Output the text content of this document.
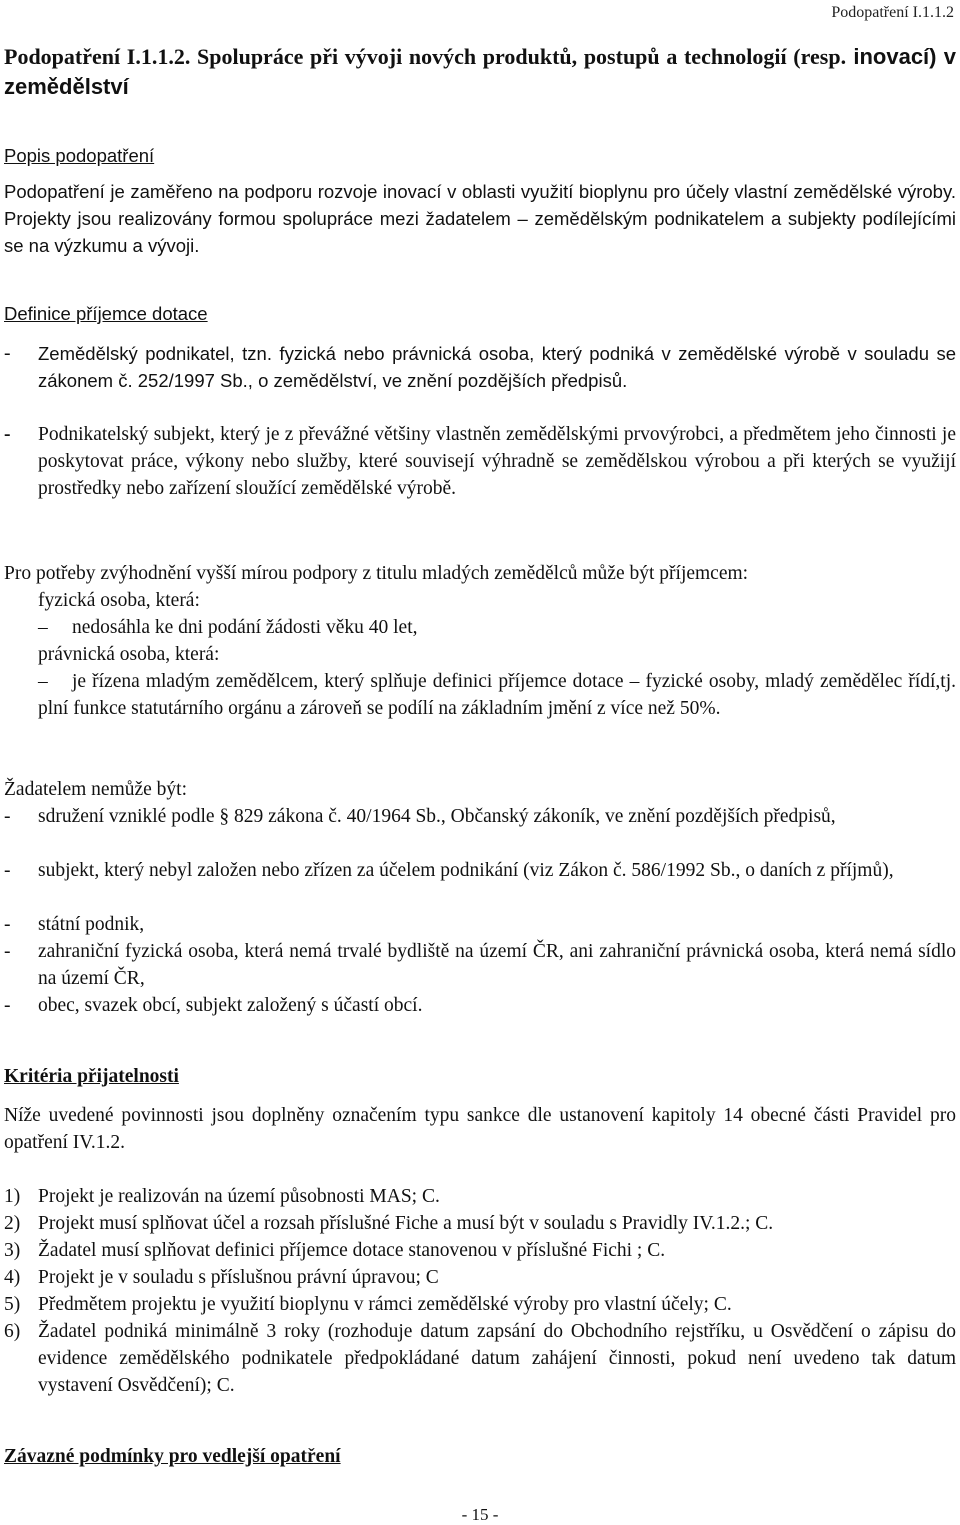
Podopatření I.1.1.2
Podopatření I.1.1.2. Spolupráce při vývoji nových produktů, postupů a technologií (resp. inovací) v zemědělství
Popis podopatření
Podopatření je zaměřeno na podporu rozvoje inovací v oblasti využití bioplynu pro účely vlastní zemědělské výroby. Projekty jsou realizovány formou spolupráce mezi žadatelem – zemědělským podnikatelem a subjekty podílejícími se na výzkumu a vývoji.
Definice příjemce dotace
-	Zemědělský podnikatel, tzn. fyzická nebo právnická osoba, který podniká v zemědělské výrobě v souladu se zákonem č. 252/1997 Sb., o zemědělství, ve znění pozdějších předpisů.
-	Podnikatelský subjekt, který je z převážné většiny vlastněn zemědělskými prvovýrobci, a předmětem jeho činnosti je poskytovat práce, výkony nebo služby, které souvisejí výhradně se zemědělskou výrobou a při kterých se využijí prostředky nebo zařízení sloužící zemědělské výrobě.
Pro potřeby zvýhodnění vyšší mírou podpory z titulu mladých zemědělců může být příjemcem:
fyzická osoba, která:
–	nedosáhla ke dni podání žádosti věku 40 let,
právnická osoba, která:
–	je řízena mladým zemědělcem, který splňuje definici příjemce dotace – fyzické osoby, mladý zemědělec řídí,tj. plní funkce statutárního orgánu a zároveň se podílí na základním jmění z více než 50%.
Žadatelem nemůže být:
-	sdružení vzniklé podle § 829 zákona č. 40/1964 Sb., Občanský zákoník, ve znění pozdějších předpisů,
-	subjekt, který nebyl založen nebo zřízen za účelem podnikání (viz Zákon č. 586/1992 Sb., o daních z příjmů),
-	státní podnik,
-	zahraniční fyzická osoba, která nemá trvalé bydliště na území ČR, ani zahraniční právnická osoba, která nemá sídlo na území ČR,
-	obec, svazek obcí, subjekt založený s účastí obcí.
Kritéria přijatelnosti
Níže uvedené povinnosti jsou doplněny označením typu sankce dle ustanovení kapitoly 14 obecné části Pravidel pro opatření IV.1.2.
1) Projekt je realizován na území působnosti MAS; C.
2) Projekt musí splňovat účel a rozsah příslušné Fiche a musí být v souladu s Pravidly IV.1.2.; C.
3) Žadatel musí splňovat definici příjemce dotace stanovenou v příslušné Fichi ; C.
4) Projekt je v souladu s příslušnou právní úpravou; C
5) Předmětem projektu je využití bioplynu v rámci zemědělské výroby pro vlastní účely; C.
6) Žadatel podniká minimálně 3 roky (rozhoduje datum zapsání do Obchodního rejstříku, u Osvědčení o zápisu do evidence zemědělského podnikatele předpokládané datum zahájení činnosti, pokud není uvedeno tak datum vystavení Osvědčení); C.
Závazné podmínky pro vedlejší opatření
- 15 -
